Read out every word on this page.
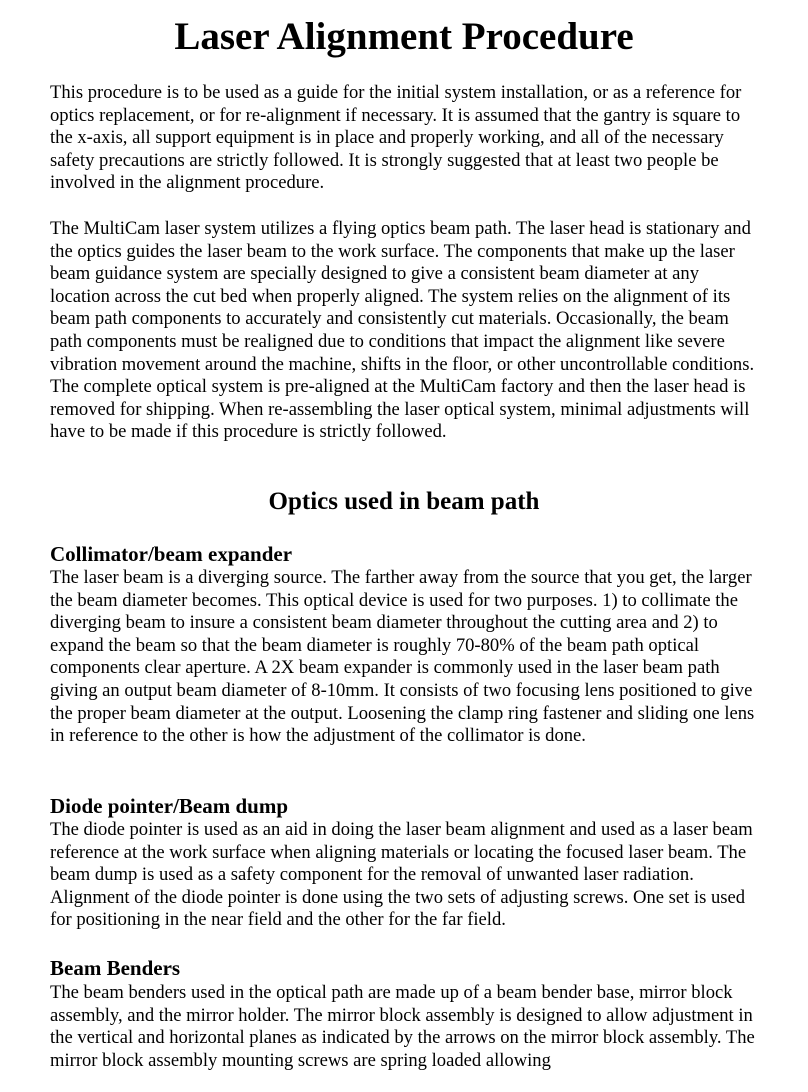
Laser Alignment Procedure

This procedure is to be used as a guide for the initial system installation, or as a reference for optics replacement, or for re-alignment if necessary. It is assumed that the gantry is square to the x-axis, all support equipment is in place and properly working, and all of the necessary safety precautions are strictly followed. It is strongly suggested that at least two people be involved in the alignment procedure.

The MultiCam laser system utilizes a flying optics beam path. The laser head is stationary and the optics guides the laser beam to the work surface. The components that make up the laser beam guidance system are specially designed to give a consistent beam diameter at any location across the cut bed when properly aligned. The system relies on the alignment of its beam path components to accurately and consistently cut materials. Occasionally, the beam path components must be realigned due to conditions that impact the alignment like severe vibration movement around the machine, shifts in the floor, or other uncontrollable conditions. The complete optical system is pre-aligned at the MultiCam factory and then the laser head is removed for shipping. When re-assembling the laser optical system, minimal adjustments will have to be made if this procedure is strictly followed.

Optics used in beam path
Collimator/beam expander

The laser beam is a diverging source. The farther away from the source that you get, the larger the beam diameter becomes. This optical device is used for two purposes. 1) to collimate the diverging beam to insure a consistent beam diameter throughout the cutting area and 2) to expand the beam so that the beam diameter is roughly 70-80% of the beam path optical components clear aperture. A 2X beam expander is commonly used in the laser beam path giving an output beam diameter of 8-10mm. It consists of two focusing lens positioned to give the proper beam diameter at the output. Loosening the clamp ring fastener and sliding one lens in reference to the other is how the adjustment of the collimator is done.

Diode pointer/Beam dump

The diode pointer is used as an aid in doing the laser beam alignment and used as a laser beam reference at the work surface when aligning materials or locating the focused laser beam. The beam dump is used as a safety component for the removal of unwanted laser radiation. Alignment of the diode pointer is done using the two sets of adjusting screws. One set is used for positioning in the near field and the other for the far field.

Beam Benders

The beam benders used in the optical path are made up of a beam bender base, mirror block assembly, and the mirror holder. The mirror block assembly is designed to allow adjustment in the vertical and horizontal planes as indicated by the arrows on the mirror block assembly. The mirror block assembly mounting screws are spring loaded allowing
